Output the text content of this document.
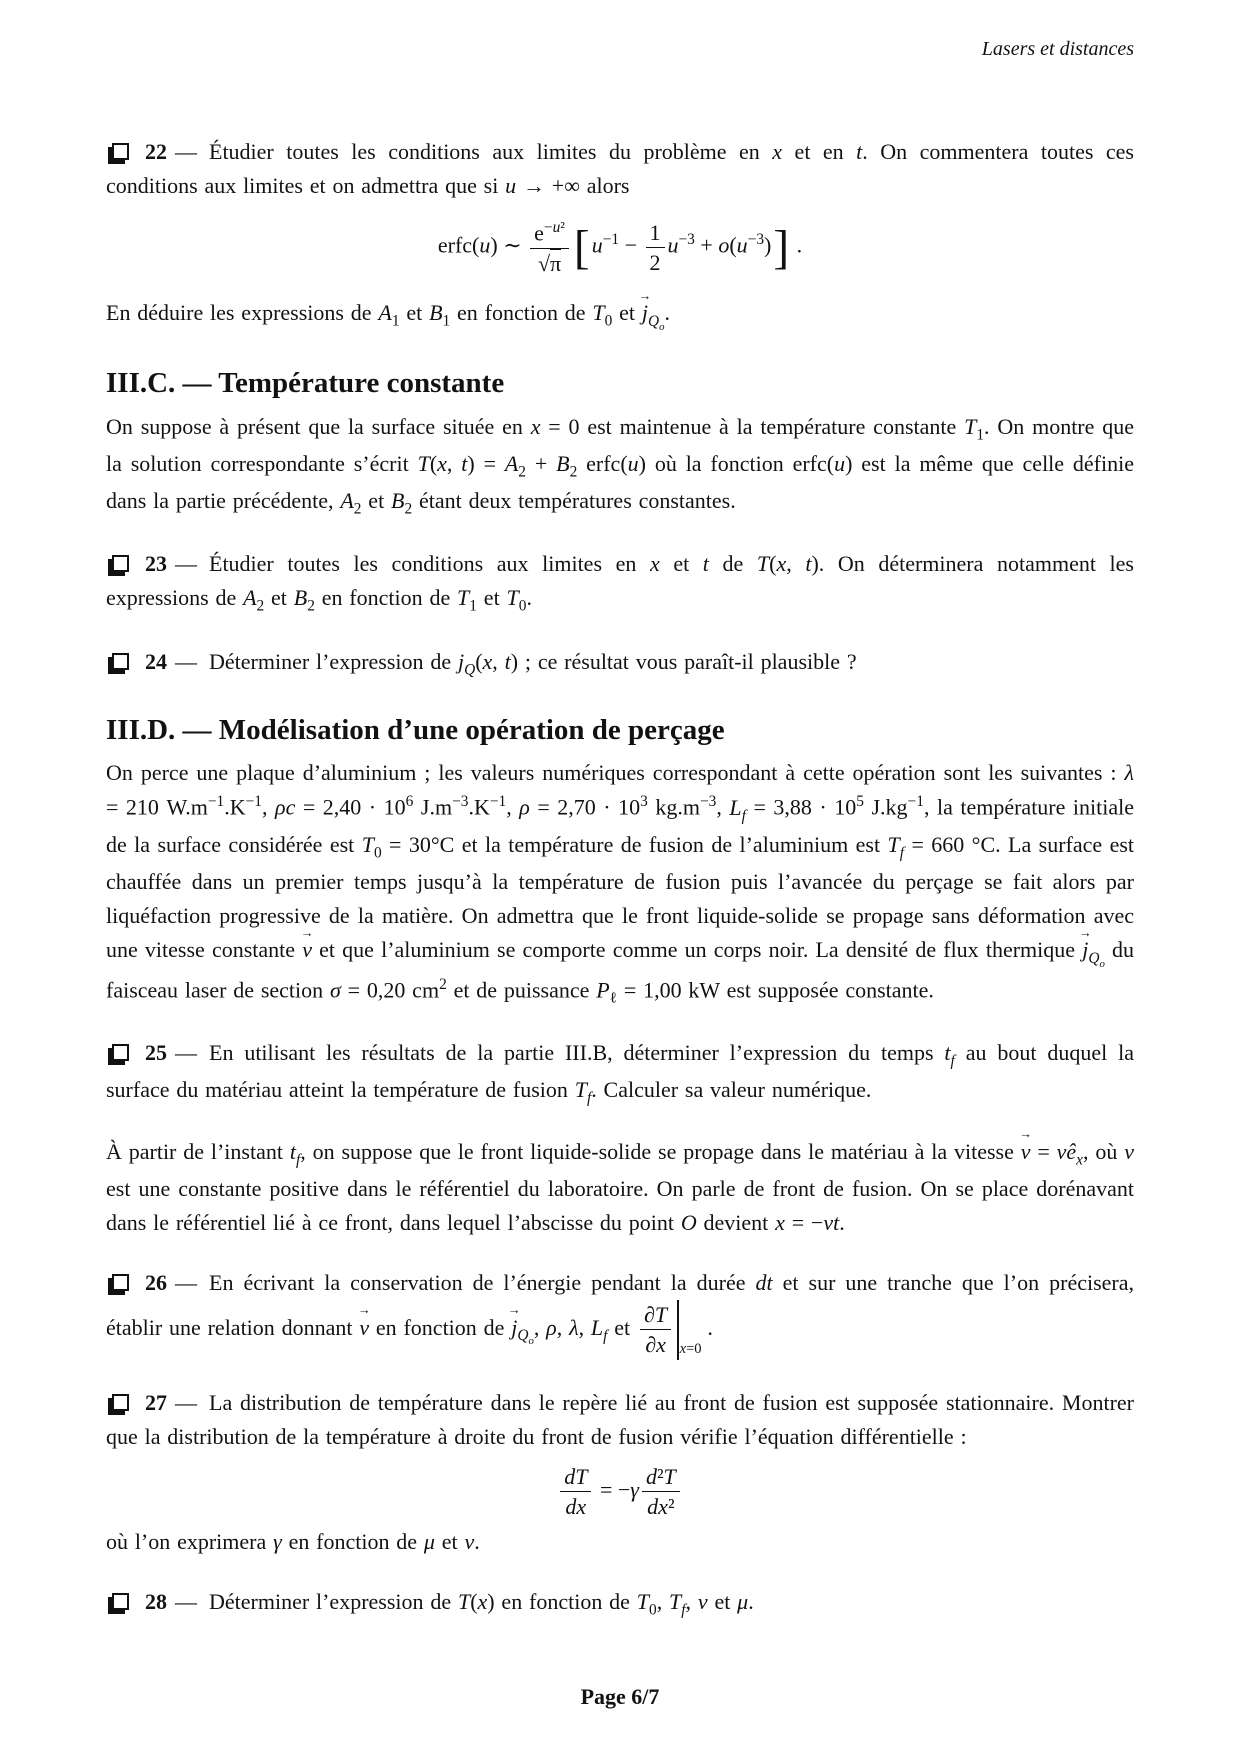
Lasers et distances

22 — Étudier toutes les conditions aux limites du problème en x et en t. On commentera toutes ces conditions aux limites et on admettra que si u → +∞ alors

erfc(u) ∼ $\frac{e^{-u^2}}{√\pi} [u^{-1} - \frac{1}{2} u^{-3} + o(u^{-3})]$ .

En déduire les expressions de $A_1$ et $B_1$ en fonction de $T_0$ et → $j_{Q_o}$.

III.C. — Température constante

On suppose à présent que la surface située en x = 0 est maintenue à la température constante $T_1$. On montre que la solution correspondante s’écrit T(x, $t) = A_2 + B_2$ erfc(u) où la fonction erfc(u) est la même que celle définie dans la partie précédente, $A_2$ et $B_2$ étant deux températures constantes.

23 — Étudier toutes les conditions aux limites en x et t de T(x, t). On déterminera notamment les expressions de $A_2$ et $B_2$ en fonction de $T_1$ et $T_0$.

24 — Déterminer l’expression de $j_Q(x$, t) ; ce résultat vous paraît-il plausible ?

III.D. — Modélisation d’une opération de perçage

On perce une plaque d’aluminium ; les valeurs numériques correspondant à cette opération sont les suivantes : λ = 210 $W.m^{-1}.K^{-1}$, $\rho c = 2,40 \cdot 10^6$ $J.m^{-3}.K^{-1}$, $\rho = 2,70 \cdot 10^3$ $kg.m^{-3}$, $L_f = 3,88 \cdot 10^5$ $J.kg^{-1}$, la température initiale de la surface considérée est $T_0 = 30^\circ C$ et la température de fusion de l’aluminium est $T_f = 660$ °C. La surface est chauffée dans un premier temps jusqu’à la température de fusion puis l’avancée du perçage se fait alors par liquéfaction progressive de la matière. On admettra que le front liquide-solide se propage sans déformation avec une vitesse constante → v et que l’aluminium se comporte comme un corps noir. La densité de flux thermique → $j_{Q_o}$ du faisceau laser de section σ = 0,20 $cm^2$ et de puissance $P_\ell = 1,00$ kW est supposée constante.

25 — En utilisant les résultats de la partie III.B, déterminer l’expression du temps $t_f$ au bout duquel la surface du matériau atteint la température de fusion $T_f$. Calculer sa valeur numérique.

À partir de l’instant $t_f$, on suppose que le front liquide-solide se propage dans le matériau à la vitesse → $v = vê_x$, où v est une constante positive dans le référentiel du laboratoire. On parle de front de fusion. On se place dorénavant dans le référentiel lié à ce front, dans lequel l’abscisse du point O devient x = −vt.

26 — En écrivant la conservation de l’énergie pendant la durée dt et sur une tranche que l’on précisera, établir une relation donnant → v en fonction de → $j_{Q_o}$, ρ, λ, $L_f$ et $\frac{\partial T}{\partial x} _{x=0}$ .

27 — La distribution de température dans le repère lié au front de fusion est supposée stationnaire. Montrer que la distribution de la température à droite du front de fusion vérifie l’équation différentielle :

$\frac{dT}{dx} = -\gamma \frac{\text{d²T}}{\text{dx²}}$

où l’on exprimera γ en fonction de μ et v.

28 — Déterminer l’expression de T(x) en fonction de $T_0$, $T_f$, v et μ.

Page 6/7
